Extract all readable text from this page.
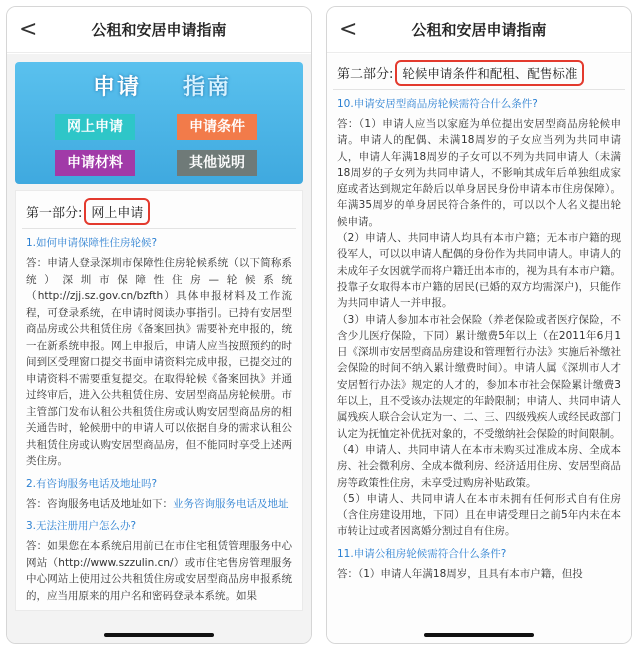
<	公租和安居申请指南
申请 指南
网上申请	申请条件
申请材料	其他说明
第一部分: 网上申请
1.如何申请保障性住房轮候?
答：申请人登录深圳市保障性住房轮候系统（以下简称系统）深圳市保障性住房—轮候系统（http://zjj.sz.gov.cn/bzfth）具体申报材料及工作流程，可登录系统，在申请时阅读办事指引。已持有安居型商品房或公共租赁住房《备案回执》需要补充申报的，统一在新系统申报。网上申报后，申请人应当按照预约的时间到区受理窗口提交书面申请资料完成申报，已提交过的申请资料不需要重复提交。在取得轮候《备案回执》并通过终审后，进入公共租赁住房、安居型商品房轮候册。市主管部门发布认租公共租赁住房或认购安居型商品房的相关通告时，轮候册中的申请人可以依据自身的需求认租公共租赁住房或认购安居型商品房，但不能同时享受上述两类住房。
2.有咨询服务电话及地址吗?
答：咨询服务电话及地址如下：业务咨询服务电话及地址
3.无法注册用户怎么办?
答：如果您在本系统启用前已在市住宅租赁管理服务中心网站（http://www.szzulin.cn/）或市住宅售房管理服务中心网站上使用过公共租赁住房或安居型商品房申报系统的，应当用原来的用户名和密码登录本系统。如果
<	公租和安居申请指南
第二部分: 轮候申请条件和配租、配售标准
10.申请安居型商品房轮候需符合什么条件?
答：（1）申请人应当以家庭为单位提出安居型商品房轮候申请。申请人的配偶、未满18周岁的子女应当列为共同申请人，申请人年满18周岁的子女可以不列为共同申请人（未满18周岁的子女列为共同申请人，不影响其成年后单独组成家庭或者达到规定年龄后以单身居民身份申请本市住房保障）。年满35周岁的单身居民符合条件的，可以以个人名义提出轮候申请。
（2）申请人、共同申请人均具有本市户籍；无本市户籍的现役军人，可以以申请人配偶的身份作为共同申请人。申请人的未成年子女因就学而将户籍迁出本市的，视为具有本市户籍。投靠子女取得本市户籍的居民(已婚的双方均需深户)，只能作为共同申请人一并申报。
（3）申请人参加本市社会保险（养老保险或者医疗保险，不含少儿医疗保险，下同）累计缴费5年以上（在2011年6月1日《深圳市安居型商品房建设和管理暂行办法》实施后补缴社会保险的时间不纳入累计缴费时间）。申请人属《深圳市人才安居暂行办法》规定的人才的，参加本市社会保险累计缴费3年以上，且不受该办法规定的年龄限制；申请人、共同申请人属残疾人联合会认定为一、二、三、四级残疾人或经民政部门认定为抚恤定补优抚对象的，不受缴纳社会保险的时间限制。
（4）申请人、共同申请人在本市未购买过准成本房、全成本房、社会微利房、全成本微利房、经济适用住房、安居型商品房等政策性住房，未享受过购房补贴政策。
（5）申请人、共同申请人在本市未拥有任何形式自有住房（含住房建设用地，下同）且在申请受理日之前5年内未在本市转让过或者因离婚分割过自有住房。
11.申请公租房轮候需符合什么条件?
答：（1）申请人年满18周岁，且具有本市户籍，但投
